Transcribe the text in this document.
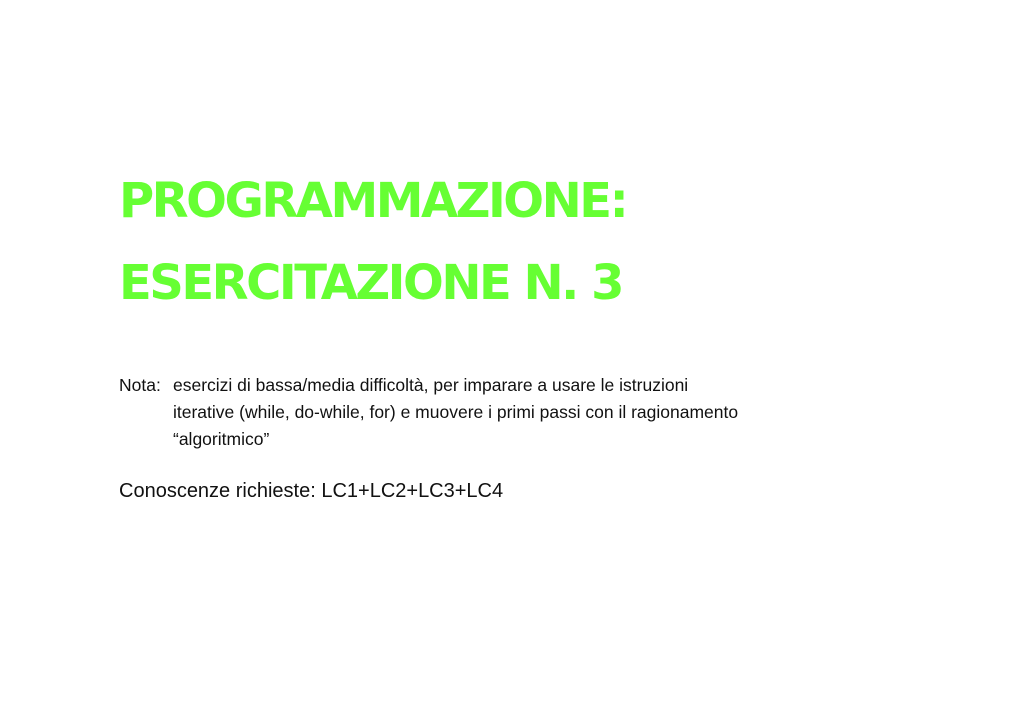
PROGRAMMAZIONE:
ESERCITAZIONE N. 3
Nota: esercizi di bassa/media difficoltà, per imparare a usare le istruzioni
iterative (while, do-while, for) e muovere i primi passi con il ragionamento
“algoritmico”
Conoscenze richieste: LC1+LC2+LC3+LC4
